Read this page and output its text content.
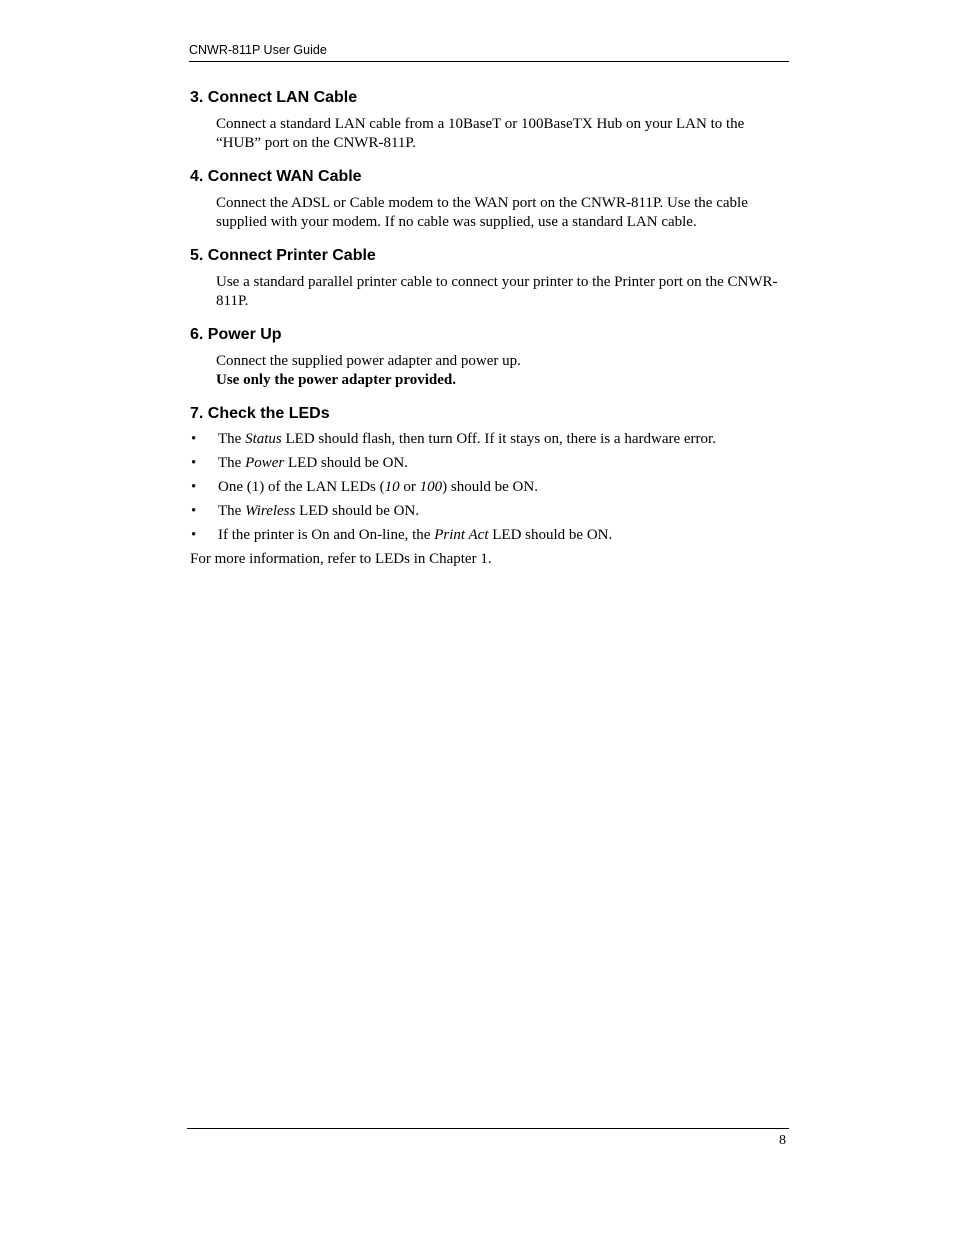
CNWR-811P User Guide
3. Connect LAN Cable

Connect a standard LAN cable from a 10BaseT or 100BaseTX Hub on your LAN to the “HUB” port on the CNWR-811P.

4. Connect WAN Cable

Connect the ADSL or Cable modem to the WAN port on the CNWR-811P. Use the cable supplied with your modem. If no cable was supplied, use a standard LAN cable.

5. Connect Printer Cable

Use a standard parallel printer cable to connect your printer to the Printer port on the CNWR-811P.

6. Power Up
Connect the supplied power adapter and power up.
Use only the power adapter provided.
7. Check the LEDs
• The Status LED should flash, then turn Off. If it stays on, there is a hardware error.
• The Power LED should be ON.
• One (1) of the LAN LEDs (10 or 100) should be ON.
• The Wireless LED should be ON.
• If the printer is On and On-line, the Print Act LED should be ON.

For more information, refer to LEDs in Chapter 1.

8
